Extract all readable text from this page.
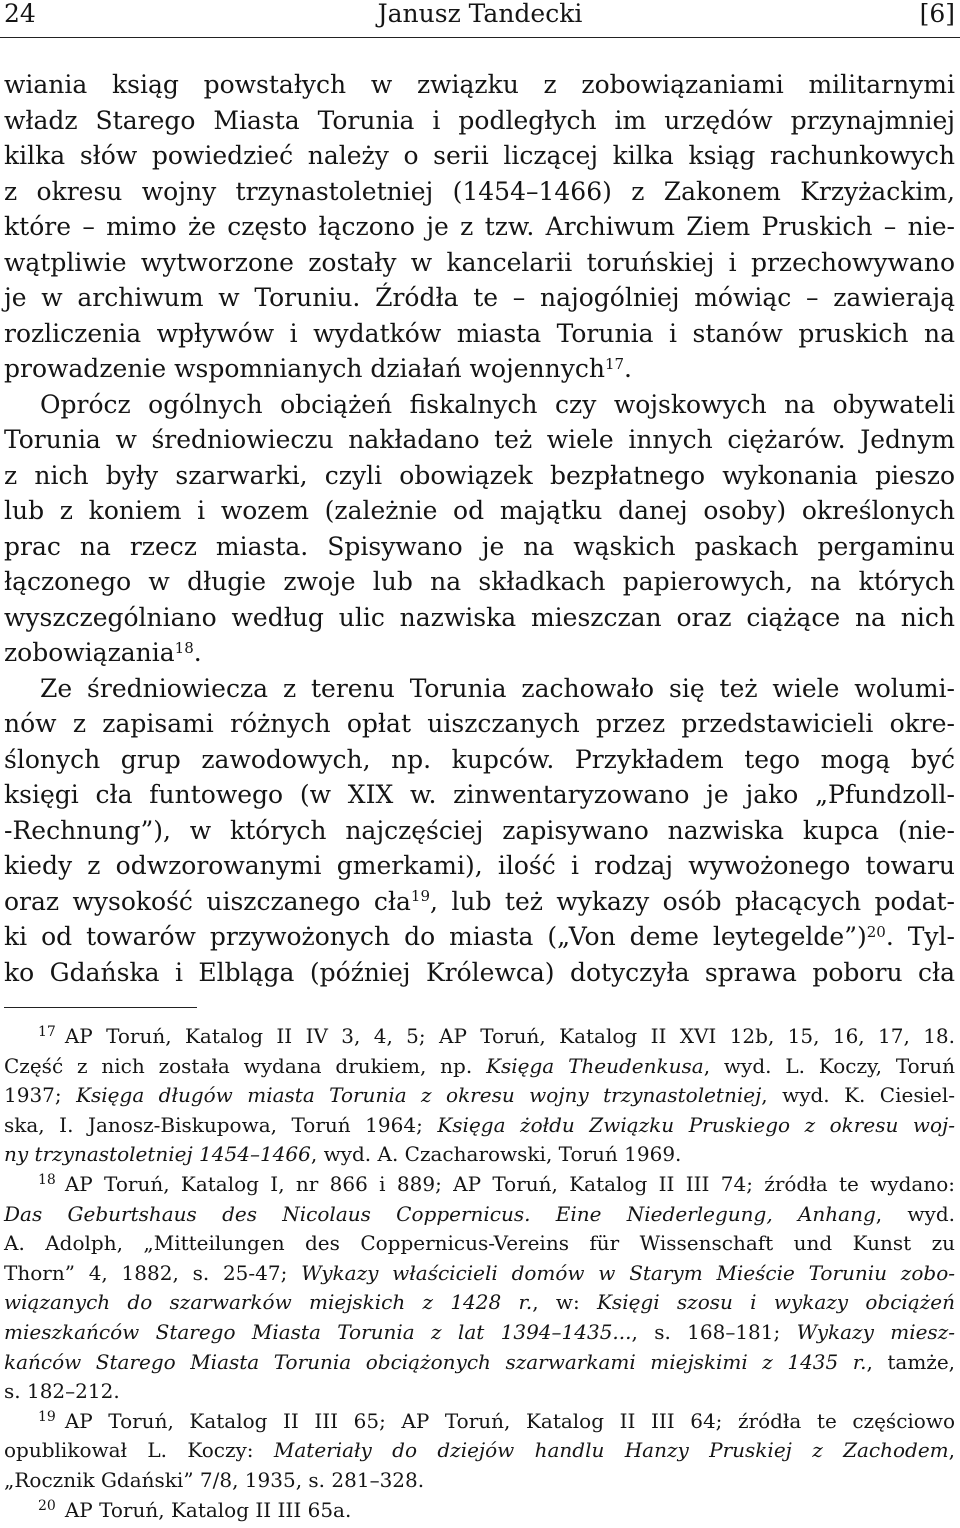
24	Janusz Tandecki	[6]
wiania ksiąg powstałych w związku z zobowiązaniami militarnymi
władz Starego Miasta Torunia i podległych im urzędów przynajmniej
kilka słów powiedzieć należy o serii liczącej kilka ksiąg rachunkowych
z okresu wojny trzynastoletniej (1454–1466) z Zakonem Krzyżackim,
które – mimo że często łączono je z tzw. Archiwum Ziem Pruskich – nie-
wątpliwie wytworzone zostały w kancelarii toruńskiej i przechowywano
je w archiwum w Toruniu. Źródła te – najogólniej mówiąc – zawierają
rozliczenia wpływów i wydatków miasta Torunia i stanów pruskich na
prowadzenie wspomnianych działań wojennych$^{17}$.
Oprócz ogólnych obciążeń fiskalnych czy wojskowych na obywateli
Torunia w średniowieczu nakładano też wiele innych ciężarów. Jednym
z nich były szarwarki, czyli obowiązek bezpłatnego wykonania pieszo
lub z koniem i wozem (zależnie od majątku danej osoby) określonych
prac na rzecz miasta. Spisywano je na wąskich paskach pergaminu
łączonego w długie zwoje lub na składkach papierowych, na których
wyszczególniano według ulic nazwiska mieszczan oraz ciążące na nich
zobowiązania$^{18}$.
Ze średniowiecza z terenu Torunia zachowało się też wiele wolumi-
nów z zapisami różnych opłat uiszczanych przez przedstawicieli okre-
ślonych grup zawodowych, np. kupców. Przykładem tego mogą być
księgi cła funtowego (w XIX w. zinwentaryzowano je jako „Pfundzoll-
-Rechnung”), w których najczęściej zapisywano nazwiska kupca (nie-
kiedy z odwzorowanymi gmerkami), ilość i rodzaj wywożonego towaru
oraz wysokość uiszczanego cła$^{19}$, lub też wykazy osób płacących podat-
ki od towarów przywożonych do miasta („Von deme leytegelde”)$^{20}$. Tyl-
ko Gdańska i Elbląga (później Królewca) dotyczyła sprawa poboru cła
$^{17}$ AP Toruń, Katalog II IV 3, 4, 5; AP Toruń, Katalog II XVI 12b, 15, 16, 17, 18.
Część z nich została wydana drukiem, np. Księga Theudenkusa, wyd. L. Koczy, Toruń
1937; Księga długów miasta Torunia z okresu wojny trzynastoletniej, wyd. K. Ciesiel-
ska, I. Janosz-Biskupowa, Toruń 1964; Księga żołdu Związku Pruskiego z okresu woj-
ny trzynastoletniej 1454–1466, wyd. A. Czacharowski, Toruń 1969.
$^{18}$ AP Toruń, Katalog I, nr 866 i 889; AP Toruń, Katalog II III 74; źródła te wydano:
Das Geburtshaus des Nicolaus Coppernicus. Eine Niederlegung, Anhang, wyd.
A. Adolph, „Mitteilungen des Coppernicus-Vereins für Wissenschaft und Kunst zu
Thorn” 4, 1882, s. 25-47; Wykazy właścicieli domów w Starym Mieście Toruniu zobo-
wiązanych do szarwarków miejskich z 1428 r., w: Księgi szosu i wykazy obciążeń
mieszkańców Starego Miasta Torunia z lat 1394–1435..., s. 168–181; Wykazy miesz-
kańców Starego Miasta Torunia obciążonych szarwarkami miejskimi z 1435 r., tamże,
s. 182–212.
$^{19}$ AP Toruń, Katalog II III 65; AP Toruń, Katalog II III 64; źródła te częściowo
opublikował L. Koczy: Materiały do dziejów handlu Hanzy Pruskiej z Zachodem,
„Rocznik Gdański” 7/8, 1935, s. 281–328.
$^{20}$ AP Toruń, Katalog II III 65a.
